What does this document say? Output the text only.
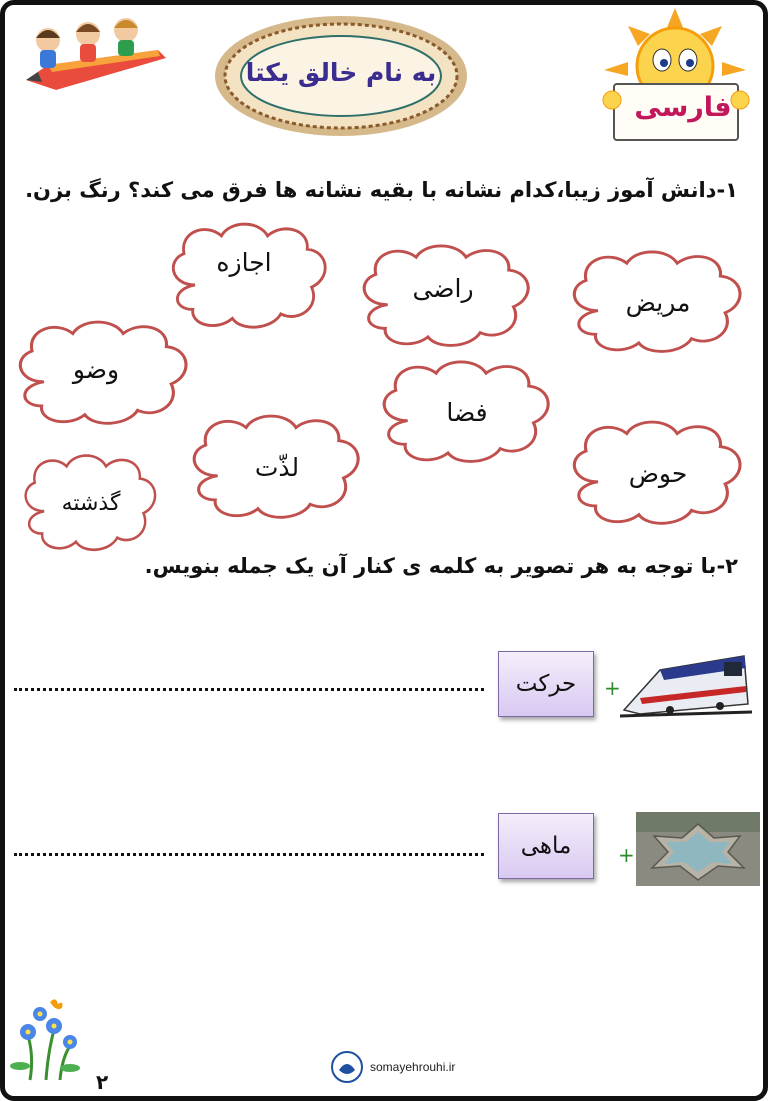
به نام خالق یکتا
فارسی
۱-دانش آموز زیبا،کدام نشانه با بقیه نشانه ها فرق می کند؟ رنگ بزن.
اجازه
راضی	مریض
وضو
فضا
لذّت	حوض
گذشته
۲-با توجه به هر تصویر به کلمه ی کنار آن یک جمله بنویس.
+
حرکت
+
ماهی
۲
somayehrouhi.ir
